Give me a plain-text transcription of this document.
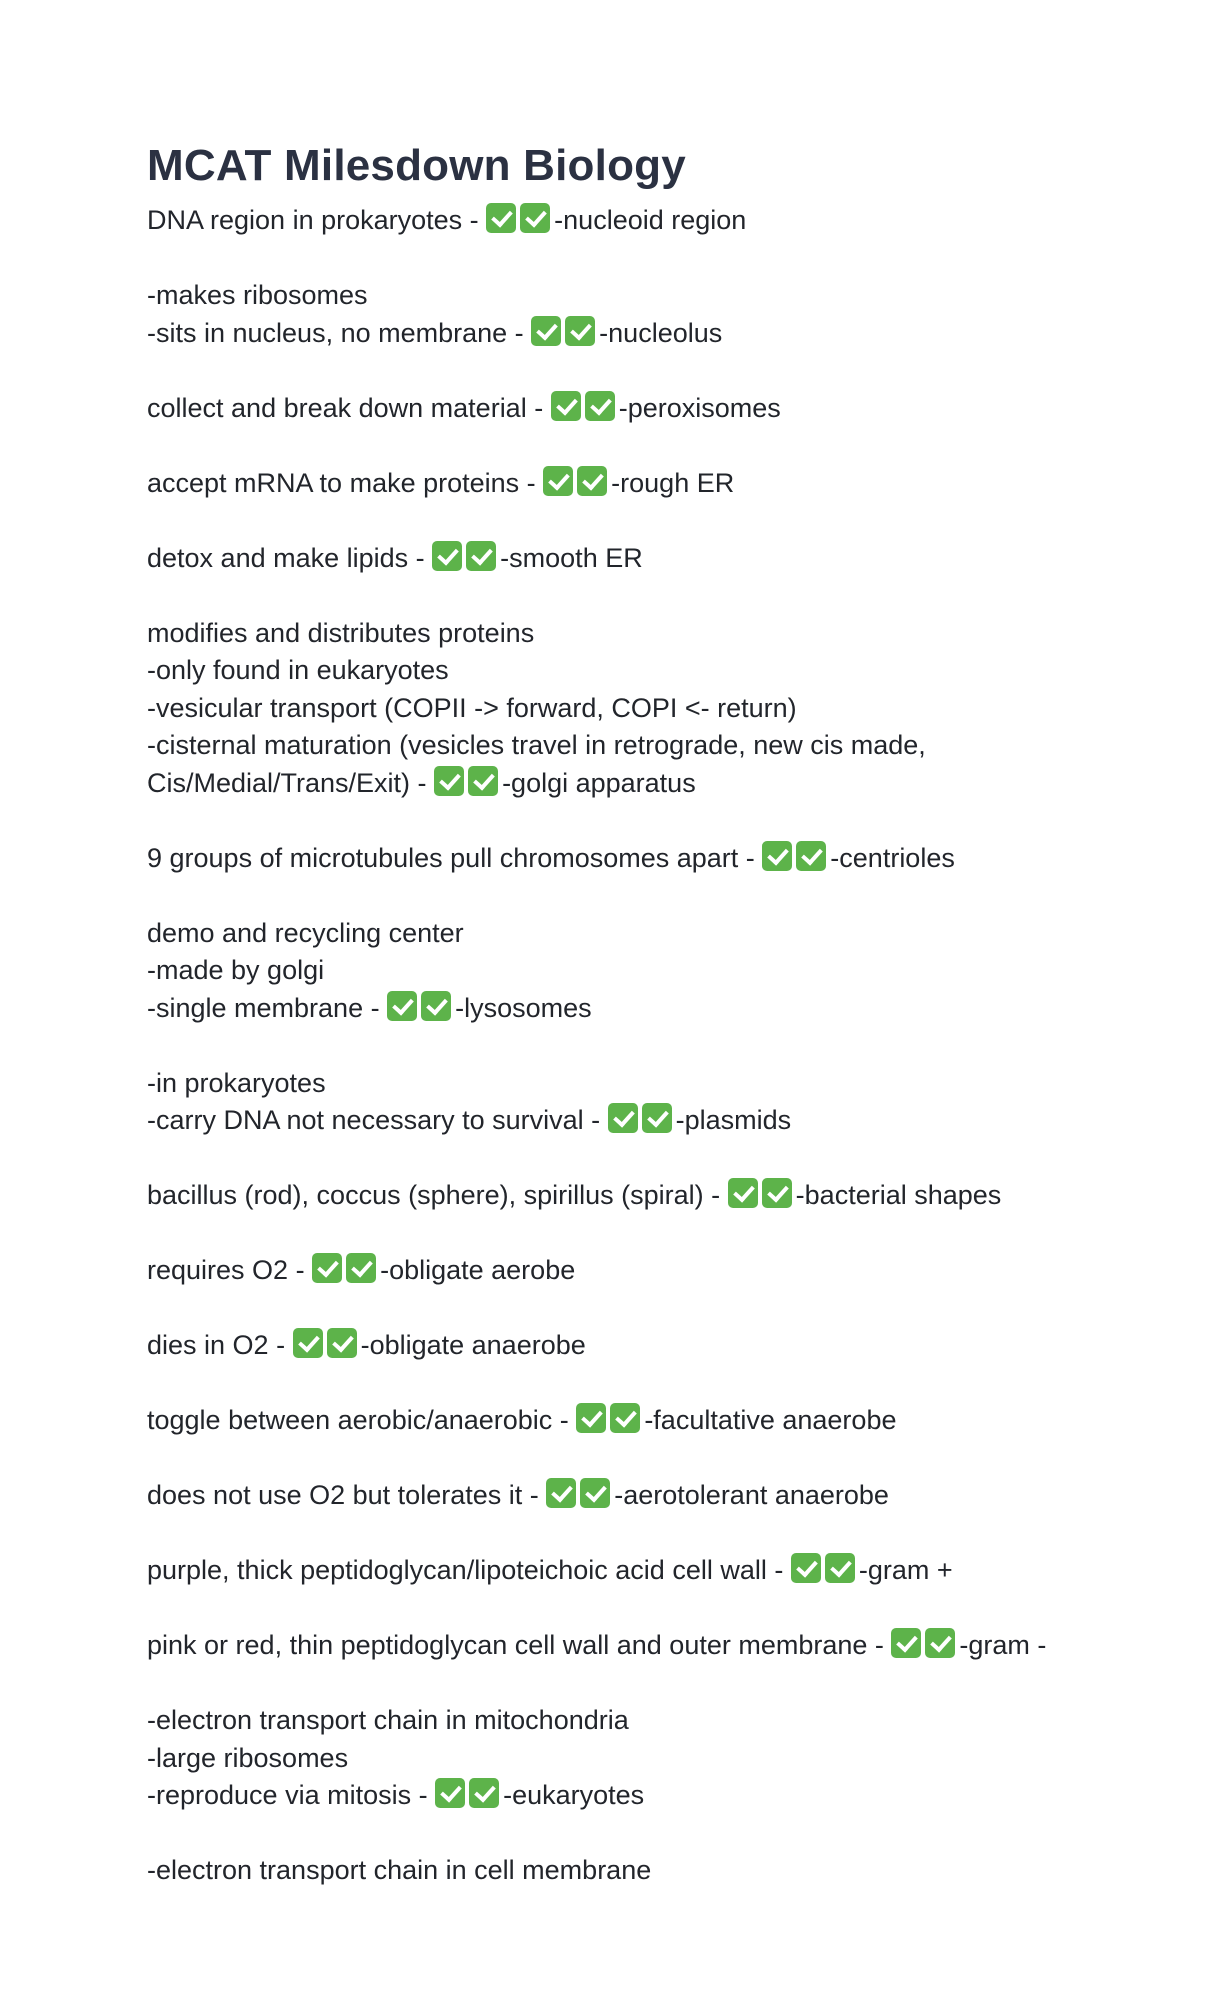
MCAT Milesdown Biology
DNA region in prokaryotes -	-nucleoid region
-makes ribosomes
-sits in nucleus, no membrane -	-nucleolus
collect and break down material -	-peroxisomes
accept mRNA to make proteins -	-rough ER
detox and make lipids -	-smooth ER
modifies and distributes proteins
-only found in eukaryotes
-vesicular transport (COPII -> forward, COPI <- return)
-cisternal maturation (vesicles travel in retrograde, new cis made,
Cis/Medial/Trans/Exit) -	-golgi apparatus
9 groups of microtubules pull chromosomes apart -	-centrioles
demo and recycling center
-made by golgi
-single membrane -	-lysosomes
-in prokaryotes
-carry DNA not necessary to survival -	-plasmids
bacillus (rod), coccus (sphere), spirillus (spiral) -	-bacterial shapes
requires O2 -	-obligate aerobe
dies in O2 -	-obligate anaerobe
toggle between aerobic/anaerobic -	-facultative anaerobe
does not use O2 but tolerates it -	-aerotolerant anaerobe
purple, thick peptidoglycan/lipoteichoic acid cell wall -	-gram +
pink or red, thin peptidoglycan cell wall and outer membrane -	-gram -
-electron transport chain in mitochondria
-large ribosomes
-reproduce via mitosis -	-eukaryotes
-electron transport chain in cell membrane
